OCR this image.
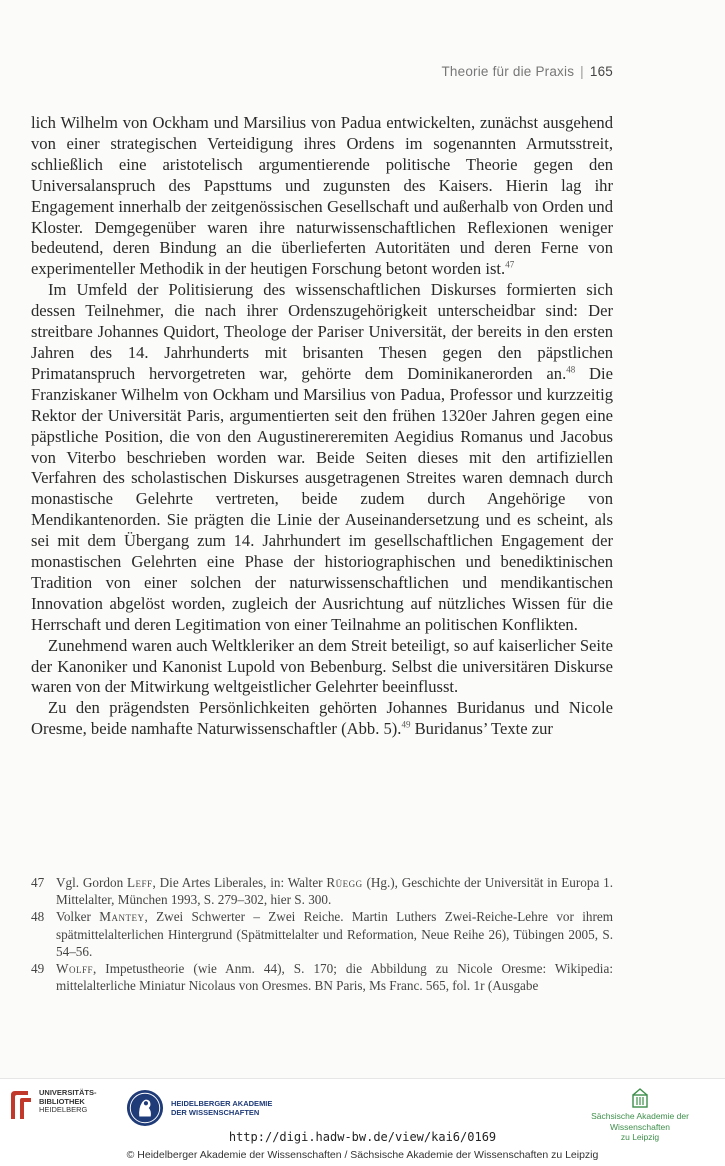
Theorie für die Praxis | 165

lich Wilhelm von Ockham und Marsilius von Padua entwickelten, zunächst ausgehend von einer strategischen Verteidigung ihres Ordens im sogenannten Armutsstreit, schließlich eine aristotelisch argumentierende politische Theorie gegen den Universalanspruch des Papsttums und zugunsten des Kaisers. Hierin lag ihr Engagement innerhalb der zeitgenössischen Gesellschaft und außerhalb von Orden und Kloster. Demgegenüber waren ihre naturwissenschaftlichen Reflexionen weniger bedeutend, deren Bindung an die überlieferten Autoritäten und deren Ferne von experimenteller Methodik in der heutigen Forschung betont worden ist.$^{47}$

Im Umfeld der Politisierung des wissenschaftlichen Diskurses formierten sich dessen Teilnehmer, die nach ihrer Ordenszugehörigkeit unterscheidbar sind: Der streitbare Johannes Quidort, Theologe der Pariser Universität, der bereits in den ersten Jahren des 14. Jahrhunderts mit brisanten Thesen gegen den päpstlichen Primatanspruch hervorgetreten war, gehörte dem Dominikanerorden an.$^{48}$ Die Franziskaner Wilhelm von Ockham und Marsilius von Padua, Professor und kurzzeitig Rektor der Universität Paris, argumentierten seit den frühen 1320er Jahren gegen eine päpstliche Position, die von den Augustinereremiten Aegidius Romanus und Jacobus von Viterbo beschrieben worden war. Beide Seiten dieses mit den artifiziellen Verfahren des scholastischen Diskurses ausgetragenen Streites waren demnach durch monastische Gelehrte vertreten, beide zudem durch Angehörige von Mendikantenorden. Sie prägten die Linie der Auseinandersetzung und es scheint, als sei mit dem Übergang zum 14. Jahrhundert im gesellschaftlichen Engagement der monastischen Gelehrten eine Phase der historiographischen und benediktinischen Tradition von einer solchen der naturwissenschaftlichen und mendikantischen Innovation abgelöst worden, zugleich der Ausrichtung auf nützliches Wissen für die Herrschaft und deren Legitimation von einer Teilnahme an politischen Konflikten.

Zunehmend waren auch Weltkleriker an dem Streit beteiligt, so auf kaiserlicher Seite der Kanoniker und Kanonist Lupold von Bebenburg. Selbst die universitären Diskurse waren von der Mitwirkung weltgeistlicher Gelehrter beeinflusst.

Zu den prägendsten Persönlichkeiten gehörten Johannes Buridanus und Nicole Oresme, beide namhafte Naturwissenschaftler (Abb. 5).$^{49}$ Buridanus’ Texte zur

47 Vgl. Gordon Leff, Die Artes Liberales, in: Walter Rüegg (Hg.), Geschichte der Universität in Europa 1. Mittelalter, München 1993, S. 279–302, hier S. 300.
48 Volker Mantey, Zwei Schwerter – Zwei Reiche. Martin Luthers Zwei-Reiche-Lehre vor ihrem spätmittelalterlichen Hintergrund (Spätmittelalter und Reformation, Neue Reihe 26), Tübingen 2005, S. 54–56.
49 Wolff, Impetustheorie (wie Anm. 44), S. 170; die Abbildung zu Nicole Oresme: Wikipedia: mittelalterliche Miniatur Nicolaus von Oresmes. BN Paris, Ms Franc. 565, fol. 1r (Ausgabe
UNIVERSITÄTS-
BIBLIOTHEK
HEIDELBERG
HEIDELBERGER AKADEMIE
DER WISSENSCHAFTEN	Sächsische Akademie der Wissenschaften
zu Leipzig
http://digi.hadw-bw.de/view/kai6/0169
© Heidelberger Akademie der Wissenschaften / Sächsische Akademie der Wissenschaften zu Leipzig
